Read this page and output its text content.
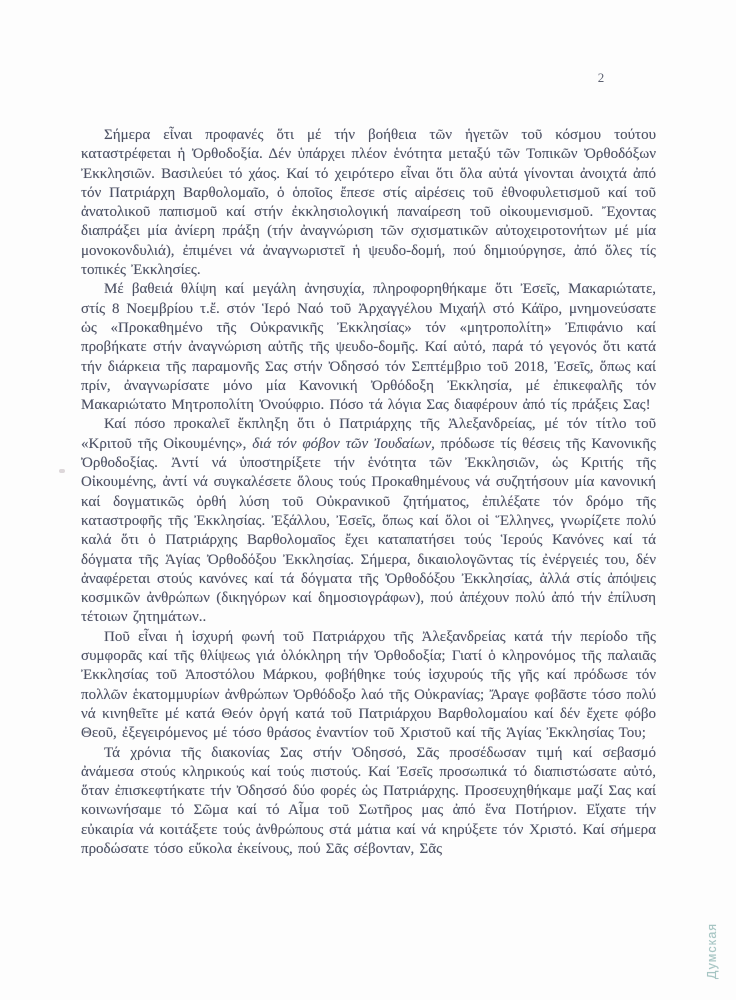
2

Σήμερα εἶναι προφανές ὅτι μέ τήν βοήθεια τῶν ἡγετῶν τοῦ κόσμου τούτου καταστρέφεται ἡ Ὀρθοδοξία. Δέν ὑπάρχει πλέον ἑνότητα μεταξύ τῶν Τοπικῶν Ὀρθοδόξων Ἐκκλησιῶν. Βασιλεύει τό χάος. Καί τό χειρότερο εἶναι ὅτι ὅλα αὐτά γίνονται ἀνοιχτά ἀπό τόν Πατριάρχη Βαρθολομαῖο, ὁ ὁποῖος ἔπεσε στίς αἱρέσεις τοῦ ἐθνοφυλετισμοῦ καί τοῦ ἀνατολικοῦ παπισμοῦ καί στήν ἐκκλησιολογική παναίρεση τοῦ οἰκουμενισμοῦ. Ἔχοντας διαπράξει μία ἀνίερη πράξη (τήν ἀναγνώριση τῶν σχισματικῶν αὐτοχειροτονήτων μέ μία μονοκονδυλιά), ἐπιμένει νά ἀναγνωριστεῖ ἡ ψευδο-δομή, πού δημιούργησε, ἀπό ὅλες τίς τοπικές Ἐκκλησίες.

Μέ βαθειά θλίψη καί μεγάλη ἀνησυχία, πληροφορηθήκαμε ὅτι Ἐσεῖς, Μακαριώτατε, στίς 8 Νοεμβρίου τ.ἔ. στόν Ἱερό Ναό τοῦ Ἀρχαγγέλου Μιχαήλ στό Κάϊρο, μνημονεύσατε ὡς «Προκαθημένο τῆς Οὐκρανικῆς Ἐκκλησίας» τόν «μητροπολίτη» Ἐπιφάνιο καί προβήκατε στήν ἀναγνώριση αὐτῆς τῆς ψευδο-δομῆς. Καί αὐτό, παρά τό γεγονός ὅτι κατά τήν διάρκεια τῆς παραμονῆς Σας στήν Ὀδησσό τόν Σεπτέμβριο τοῦ 2018, Ἐσεῖς, ὅπως καί πρίν, ἀναγνωρίσατε μόνο μία Κανονική Ὀρθόδοξη Ἐκκλησία, μέ ἐπικεφαλῆς τόν Μακαριώτατο Μητροπολίτη Ὀνούφριο. Πόσο τά λόγια Σας διαφέρουν ἀπό τίς πράξεις Σας!

Καί πόσο προκαλεῖ ἔκπληξη ὅτι ὁ Πατριάρχης τῆς Ἀλεξανδρείας, μέ τόν τίτλο τοῦ «Κριτοῦ τῆς Οἰκουμένης», διά τόν φόβον τῶν Ἰουδαίων, πρόδωσε τίς θέσεις τῆς Κανονικῆς Ὀρθοδοξίας. Ἀντί νά ὑποστηρίξετε τήν ἑνότητα τῶν Ἐκκλησιῶν, ὡς Κριτής τῆς Οἰκουμένης, ἀντί νά συγκαλέσετε ὅλους τούς Προκαθημένους νά συζητήσουν μία κανονική καί δογματικῶς ὀρθή λύση τοῦ Οὐκρανικοῦ ζητήματος, ἐπιλέξατε τόν δρόμο τῆς καταστροφῆς τῆς Ἐκκλησίας. Ἐξάλλου, Ἐσεῖς, ὅπως καί ὅλοι οἱ Ἕλληνες, γνωρίζετε πολύ καλά ὅτι ὁ Πατριάρχης Βαρθολομαῖος ἔχει καταπατήσει τούς Ἱερούς Κανόνες καί τά δόγματα τῆς Ἁγίας Ὀρθοδόξου Ἐκκλησίας. Σήμερα, δικαιολογῶντας τίς ἐνέργειές του, δέν ἀναφέρεται στούς κανόνες καί τά δόγματα τῆς Ὀρθοδόξου Ἐκκλησίας, ἀλλά στίς ἀπόψεις κοσμικῶν ἀνθρώπων (δικηγόρων καί δημοσιογράφων), πού ἀπέχουν πολύ ἀπό τήν ἐπίλυση τέτοιων ζητημάτων..

Ποῦ εἶναι ἡ ἰσχυρή φωνή τοῦ Πατριάρχου τῆς Ἀλεξανδρείας κατά τήν περίοδο τῆς συμφορᾶς καί τῆς θλίψεως γιά ὁλόκληρη τήν Ὀρθοδοξία; Γιατί ὁ κληρονόμος τῆς παλαιᾶς Ἐκκλησίας τοῦ Ἀποστόλου Μάρκου, φοβήθηκε τούς ἰσχυρούς τῆς γῆς καί πρόδωσε τόν πολλῶν ἑκατομμυρίων ἀνθρώπων Ὀρθόδοξο λαό τῆς Οὐκρανίας; Ἄραγε φοβᾶστε τόσο πολύ νά κινηθεῖτε μέ κατά Θεόν ὀργή κατά τοῦ Πατριάρχου Βαρθολομαίου καί δέν ἔχετε φόβο Θεοῦ, ἐξεγειρόμενος μέ τόσο θράσος ἐναντίον τοῦ Χριστοῦ καί τῆς Ἁγίας Ἐκκλησίας Του;

Τά χρόνια τῆς διακονίας Σας στήν Ὀδησσό, Σᾶς προσέδωσαν τιμή καί σεβασμό ἀνάμεσα στούς κληρικούς καί τούς πιστούς. Καί Ἐσεῖς προσωπικά τό διαπιστώσατε αὐτό, ὅταν ἐπισκεφτήκατε τήν Ὀδησσό δύο φορές ὡς Πατριάρχης. Προσευχηθήκαμε μαζί Σας καί κοινωνήσαμε τό Σῶμα καί τό Αἷμα τοῦ Σωτῆρος μας ἀπό ἕνα Ποτήριον. Εἴχατε τήν εὐκαιρία νά κοιτάξετε τούς ἀνθρώπους στά μάτια καί νά κηρύξετε τόν Χριστό. Καί σήμερα προδώσατε τόσο εὔκολα ἐκείνους, πού Σᾶς σέβονταν, Σᾶς

Думская
